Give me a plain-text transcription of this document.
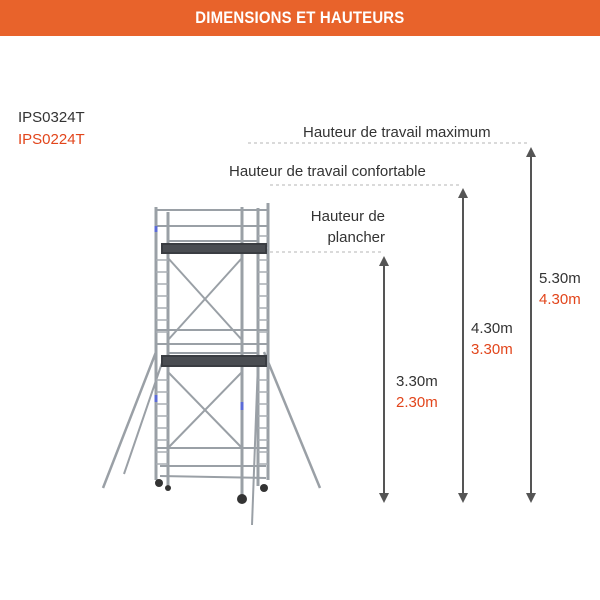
DIMENSIONS ET HAUTEURS
IPS0324T
IPS0224T	Hauteur de travail maximum
Hauteur de travail confortable
Hauteur de
plancher
5.30m
4.30m
4.30m
3.30m
3.30m
2.30m
